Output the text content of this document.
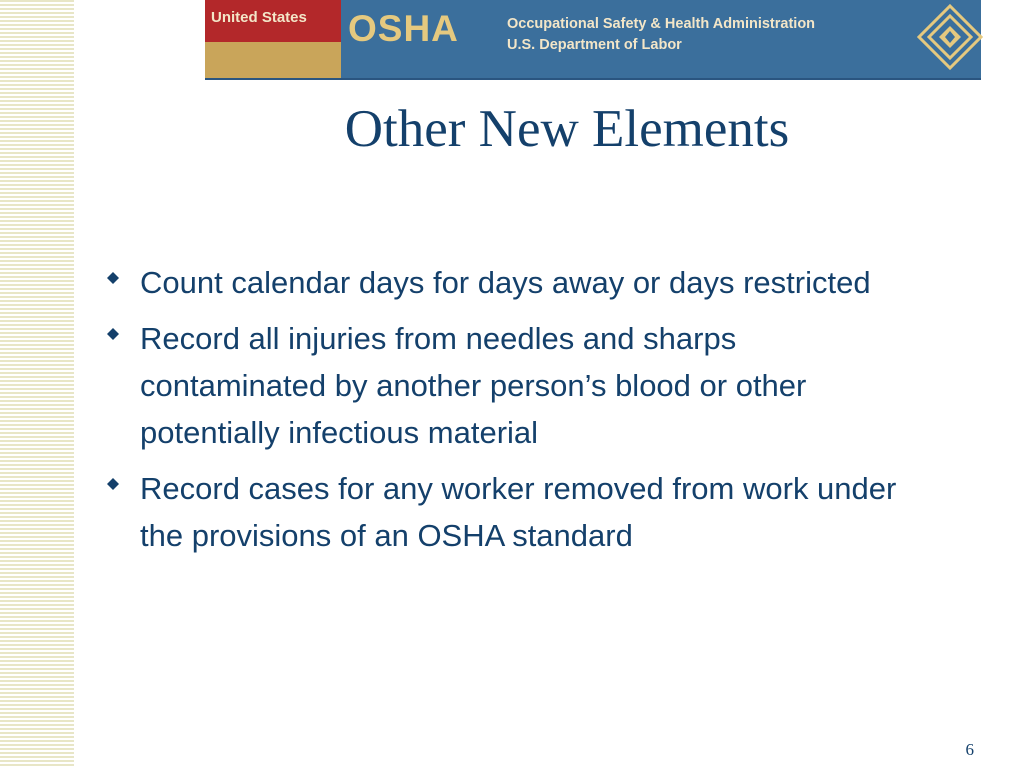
United States OSHA	Occupational Safety & Health Administration
U.S. Department of Labor
Other New Elements
Count calendar days for days away or days restricted
Record all injuries from needles and sharps contaminated by another person’s blood or other potentially infectious material
Record cases for any worker removed from work under the provisions of an OSHA standard
6
